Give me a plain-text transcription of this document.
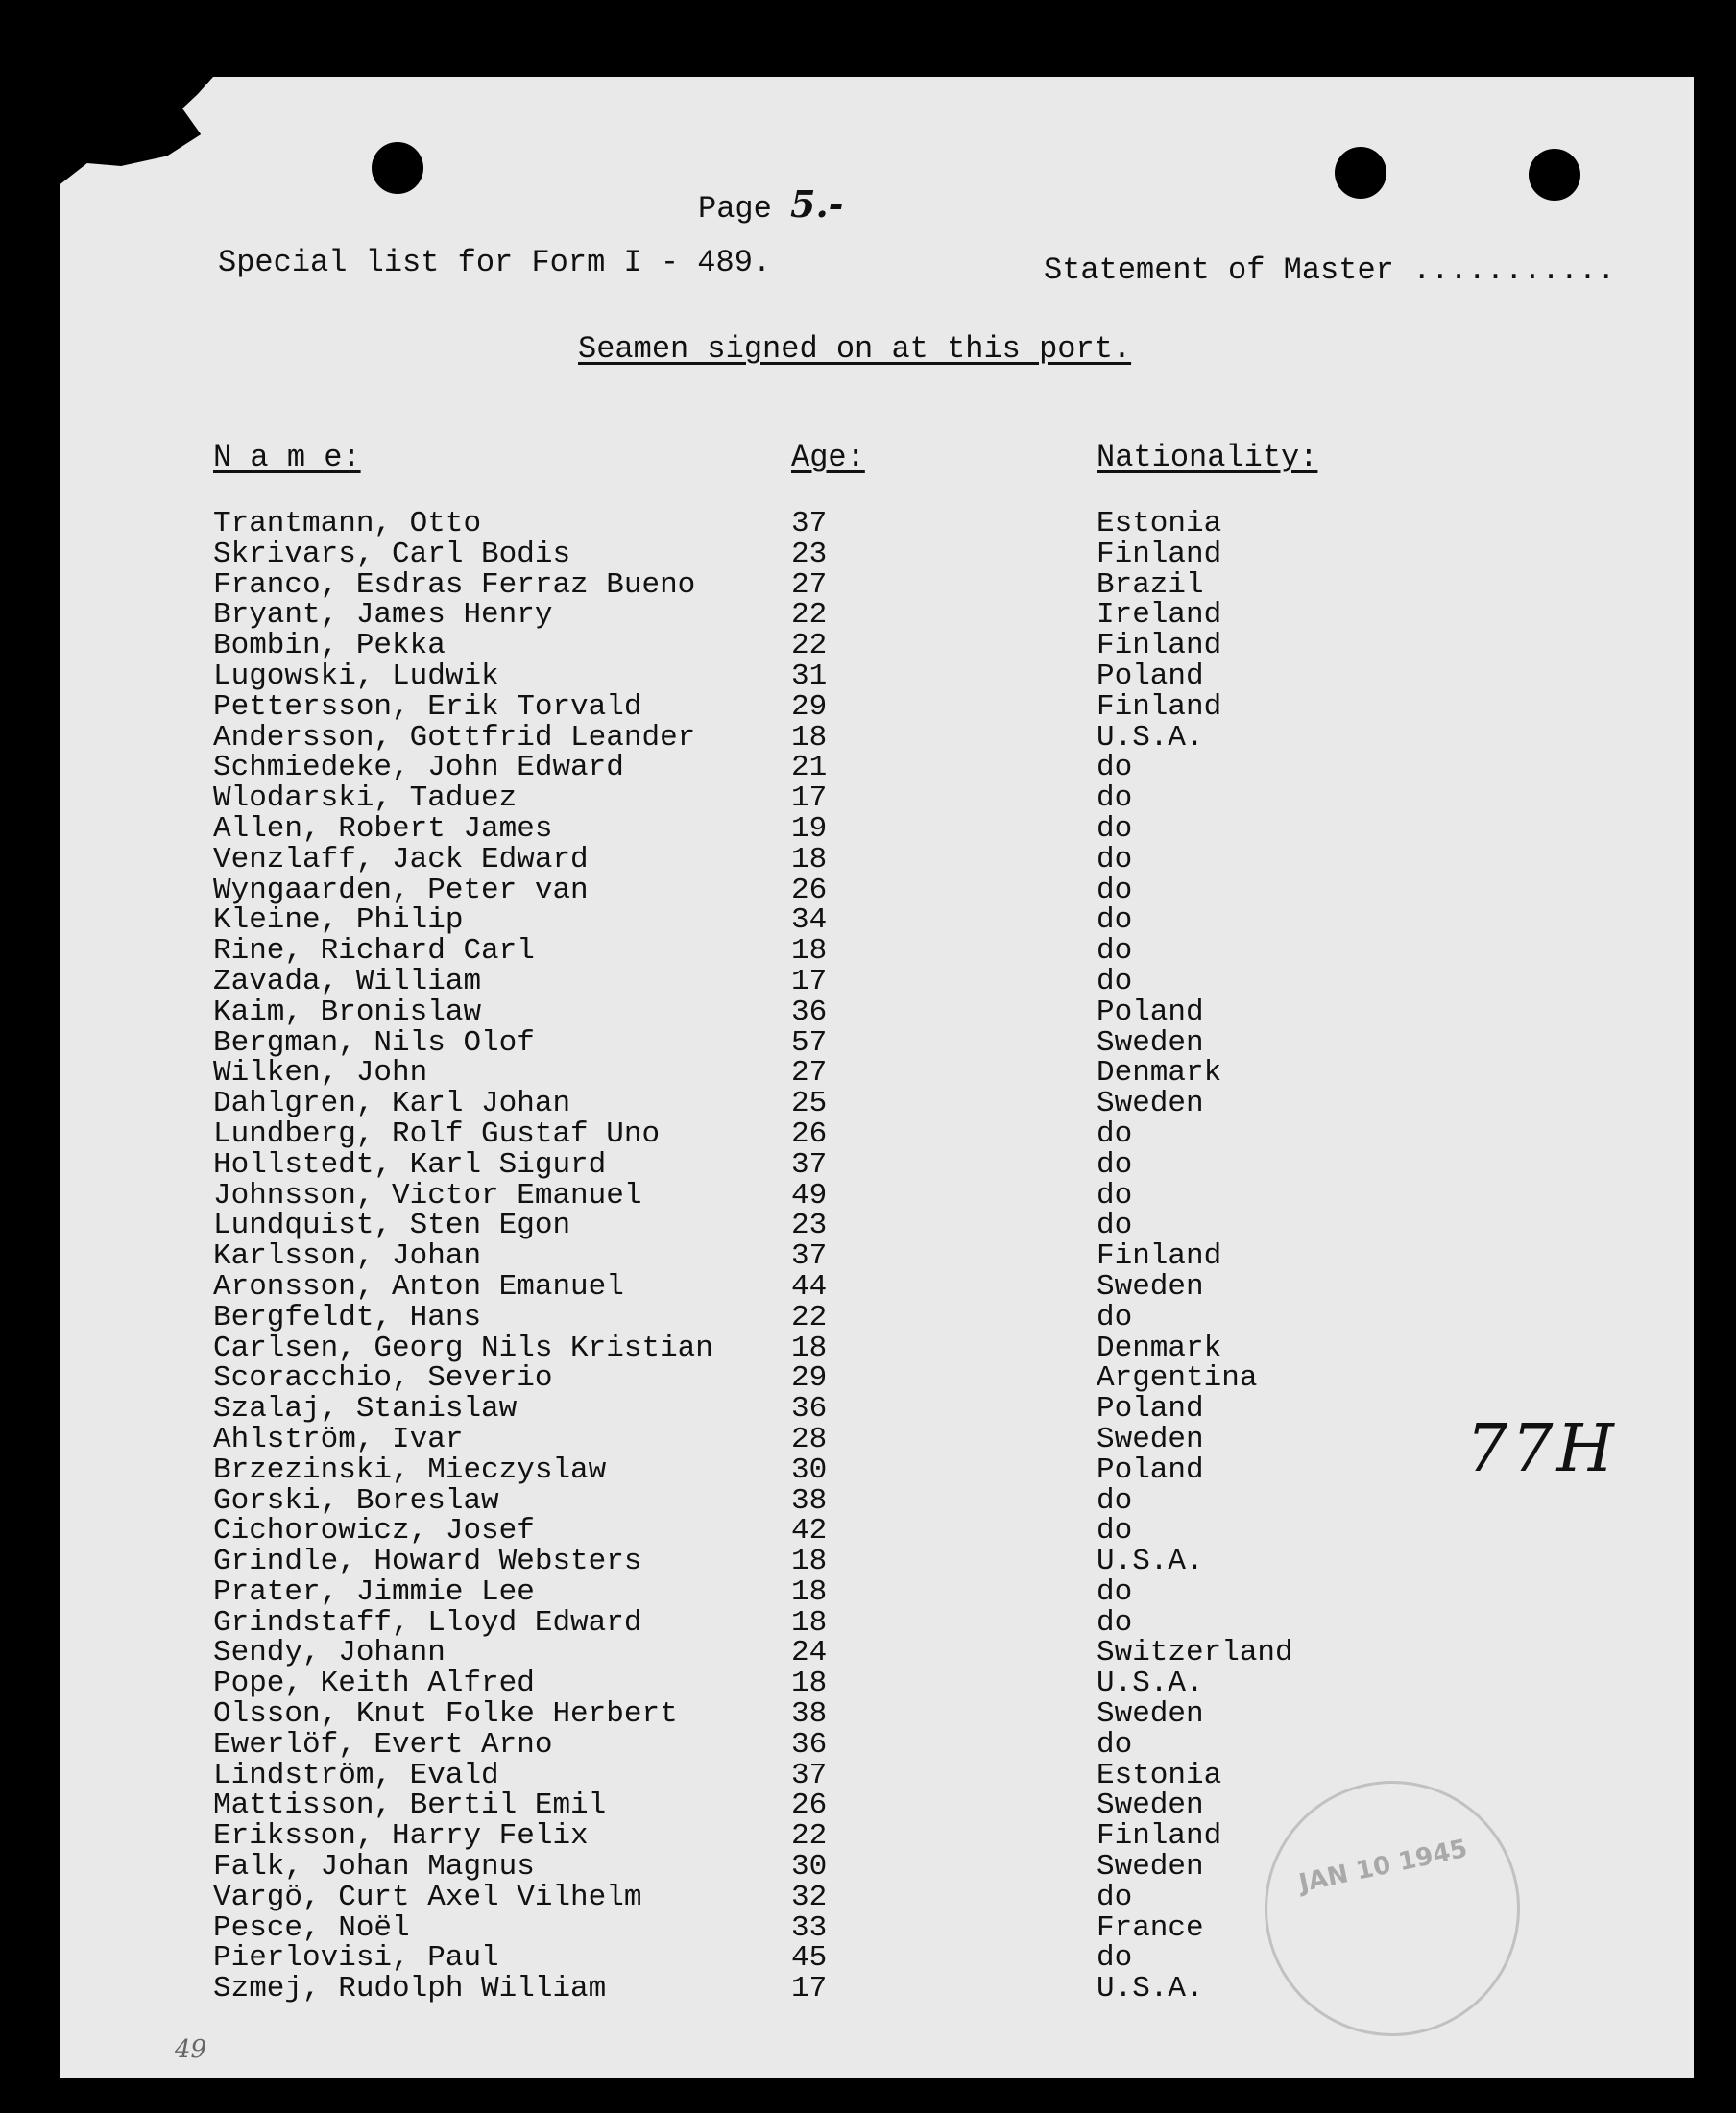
Page 5.-
Special list for Form I - 489.	Statement of Master ...........
Seamen signed on at this port.
N a m e:	Age:	Nationality:
Trantmann, Otto	37	Estonia
Skrivars, Carl Bodis	23	Finland
Franco, Esdras Ferraz Bueno	27	Brazil
Bryant, James Henry	22	Ireland
Bombin, Pekka	22	Finland
Lugowski, Ludwik	31	Poland
Pettersson, Erik Torvald	29	Finland
Andersson, Gottfrid Leander	18	U.S.A.
Schmiedeke, John Edward	21	do
Wlodarski, Taduez	17	do
Allen, Robert James	19	do
Venzlaff, Jack Edward	18	do
Wyngaarden, Peter van	26	do
Kleine, Philip	34	do
Rine, Richard Carl	18	do
Zavada, William	17	do
Kaim, Bronislaw	36	Poland
Bergman, Nils Olof	57	Sweden
Wilken, John	27	Denmark
Dahlgren, Karl Johan	25	Sweden
Lundberg, Rolf Gustaf Uno	26	do
Hollstedt, Karl Sigurd	37	do
Johnsson, Victor Emanuel	49	do
Lundquist, Sten Egon	23	do
Karlsson, Johan	37	Finland
Aronsson, Anton Emanuel	44	Sweden
Bergfeldt, Hans	22	do
Carlsen, Georg Nils Kristian	18	Denmark
Scoracchio, Severio	29	Argentina
Szalaj, Stanislaw	36	Poland
Ahlström, Ivar	28	Sweden
Brzezinski, Mieczyslaw	30	Poland
Gorski, Boreslaw	38	do
Cichorowicz, Josef	42	do
Grindle, Howard Websters	18	U.S.A.
Prater, Jimmie Lee	18	do
Grindstaff, Lloyd Edward	18	do
Sendy, Johann	24	Switzerland
Pope, Keith Alfred	18	U.S.A.
Olsson, Knut Folke Herbert	38	Sweden
Ewerlöf, Evert Arno	36	do
Lindström, Evald	37	Estonia
Mattisson, Bertil Emil	26	Sweden
Eriksson, Harry Felix	22	Finland
Falk, Johan Magnus	30	Sweden
Vargö, Curt Axel Vilhelm	32	do
Pesce, Noël	33	France
Pierlovisi, Paul	45	do
Szmej, Rudolph William	17	U.S.A.
77H
JAN 10 1945
49
